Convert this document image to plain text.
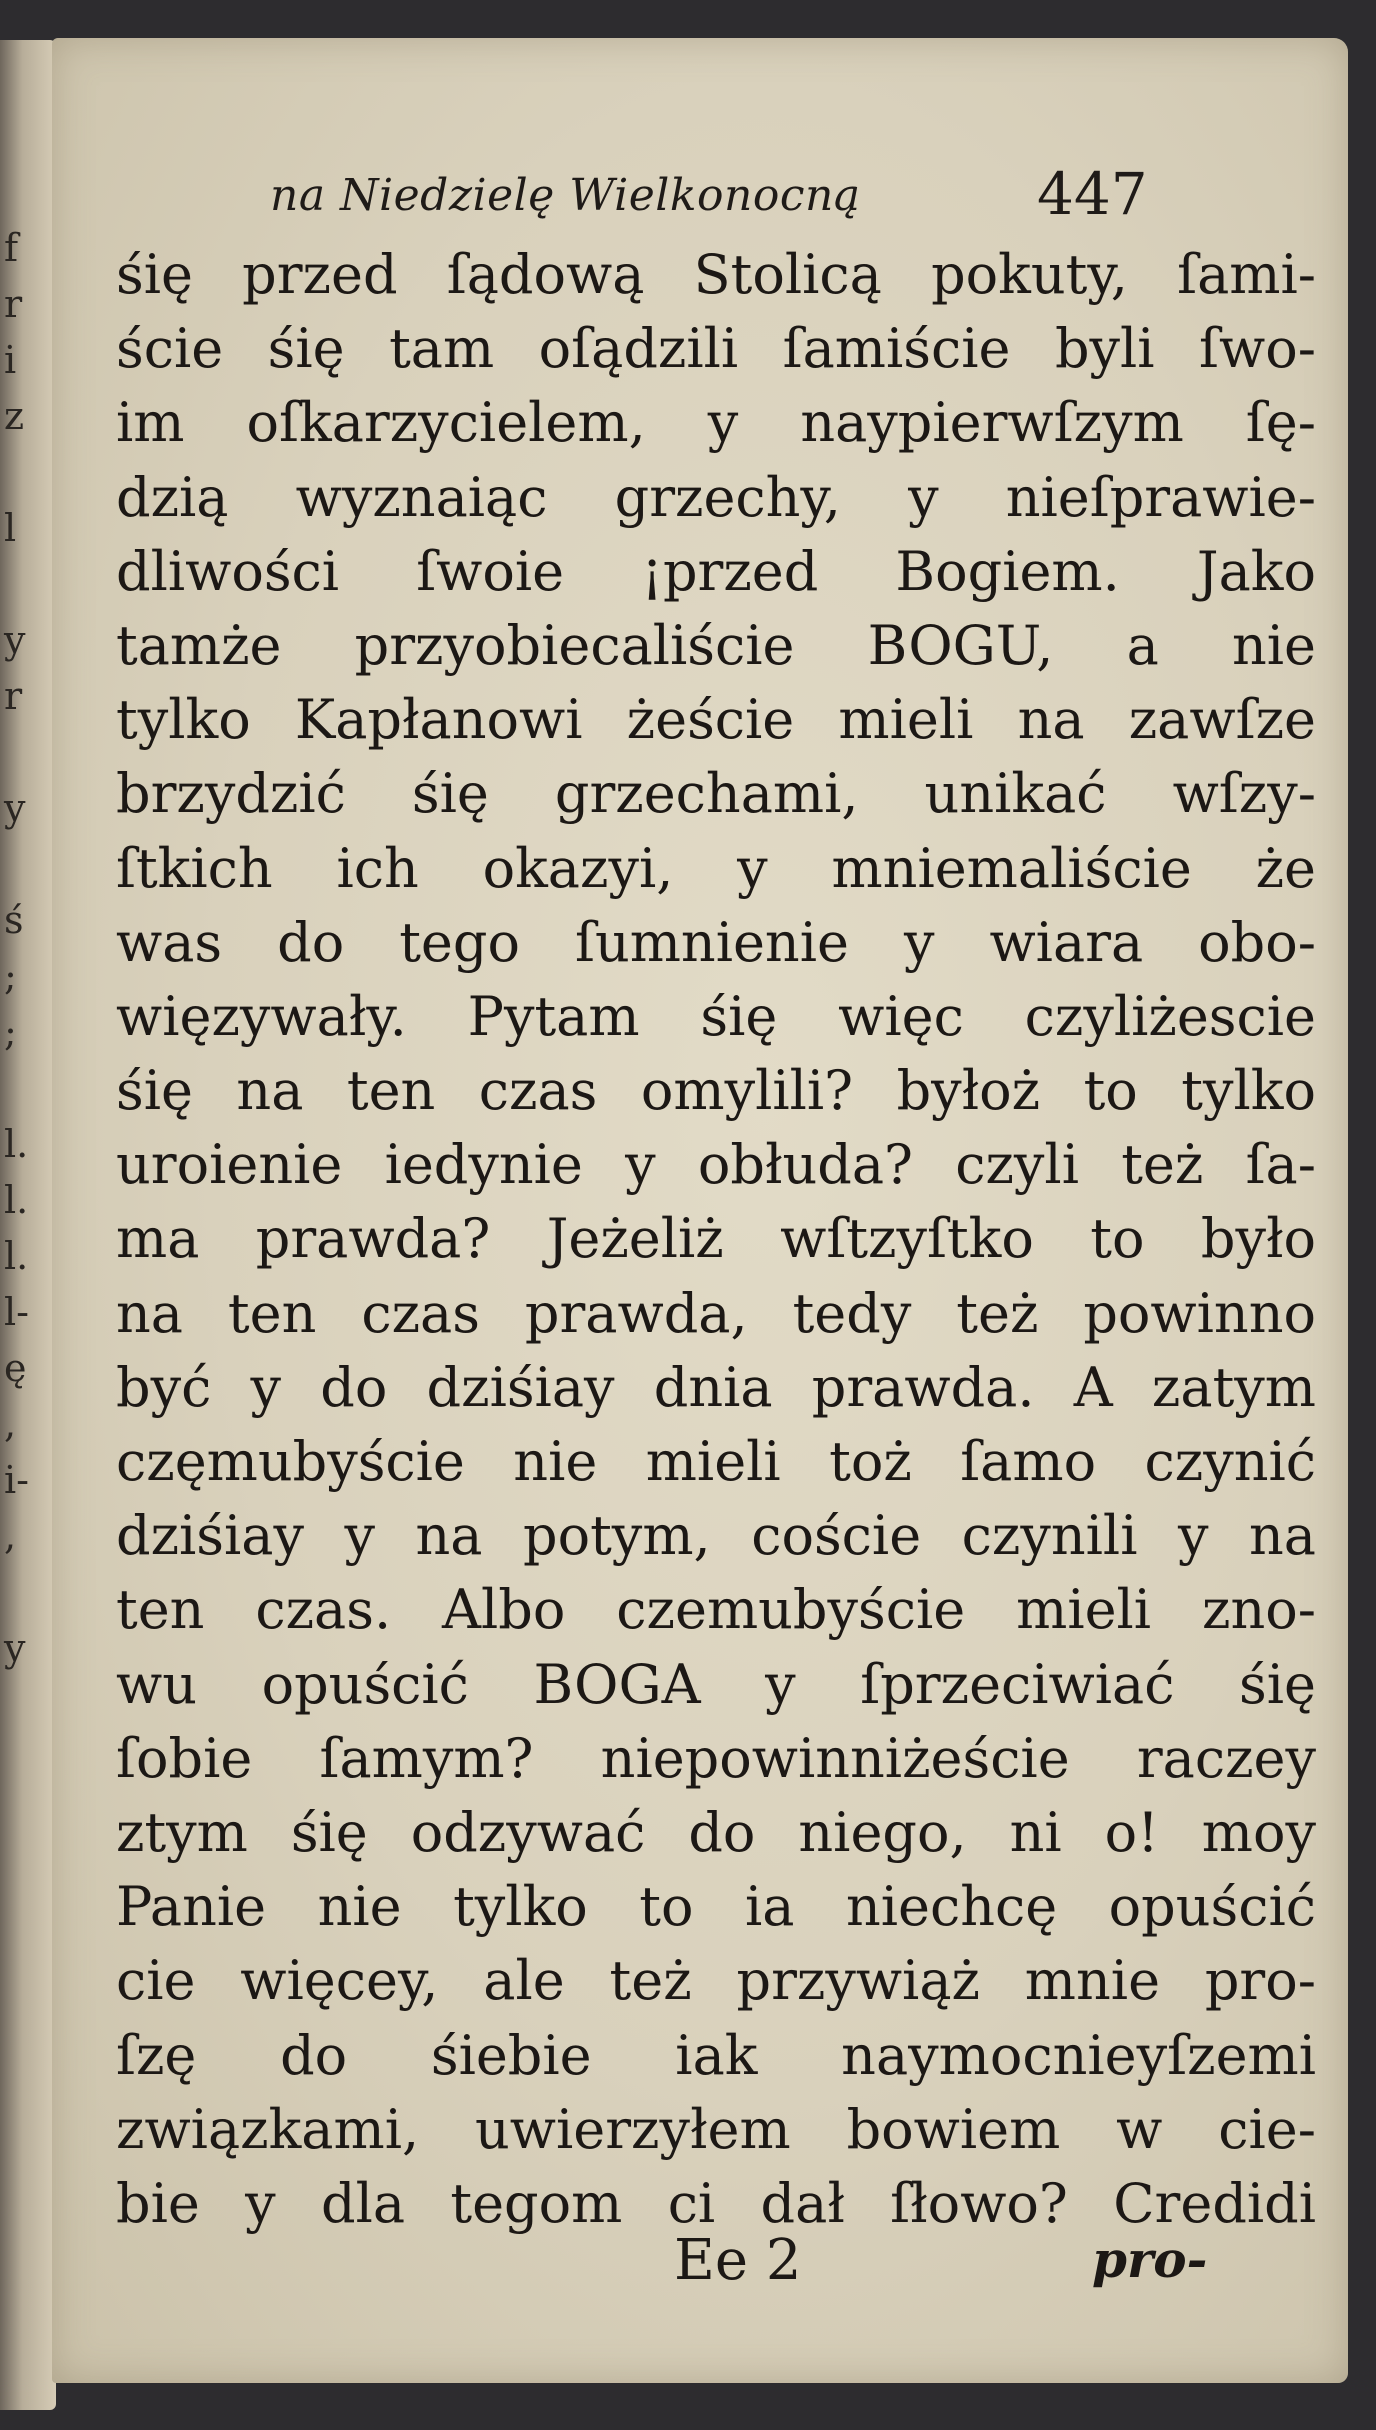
f
r
i
z

l

y
r

y

ś
;
;

l.
l.
l.
l-
ę
,
i-
,

y
na Niedzielę Wielkonocną	447
śię przed ſądową Stolicą pokuty, ſami-
ście śię tam oſądzili ſamiście byli ſwo-
im oſkarzycielem, y naypierwſzym ſę-
dzią wyznaiąc grzechy, y nieſprawie-
dliwości ſwoie ¡przed Bogiem. Jako
tamże przyobiecaliście BOGU, a nie
tylko Kapłanowi żeście mieli na zawſze
brzydzić śię grzechami, unikać wſzy-
ſtkich ich okazyi, y mniemaliście że
was do tego ſumnienie y wiara obo-
więzywały. Pytam śię więc czyliżescie
śię na ten czas omylili? byłoż to tylko
uroienie iedynie y obłuda? czyli też ſa-
ma prawda? Jeżeliż wſtzyſtko to było
na ten czas prawda, tedy też powinno
być y do dziśiay dnia prawda. A zatym
częmubyście nie mieli toż ſamo czynić
dziśiay y na potym, coście czynili y na
ten czas. Albo czemubyście mieli zno-
wu opuścić BOGA y ſprzeciwiać śię
ſobie ſamym? niepowinniżeście raczey
ztym śię odzywać do niego, ni o! moy
Panie nie tylko to ia niechcę opuścić
cie więcey, ale też przywiąż mnie pro-
ſzę do śiebie iak naymocnieyſzemi
związkami, uwierzyłem bowiem w cie-
bie y dla tegom ci dał ſłowo? Credidi
Ee 2	pro-
